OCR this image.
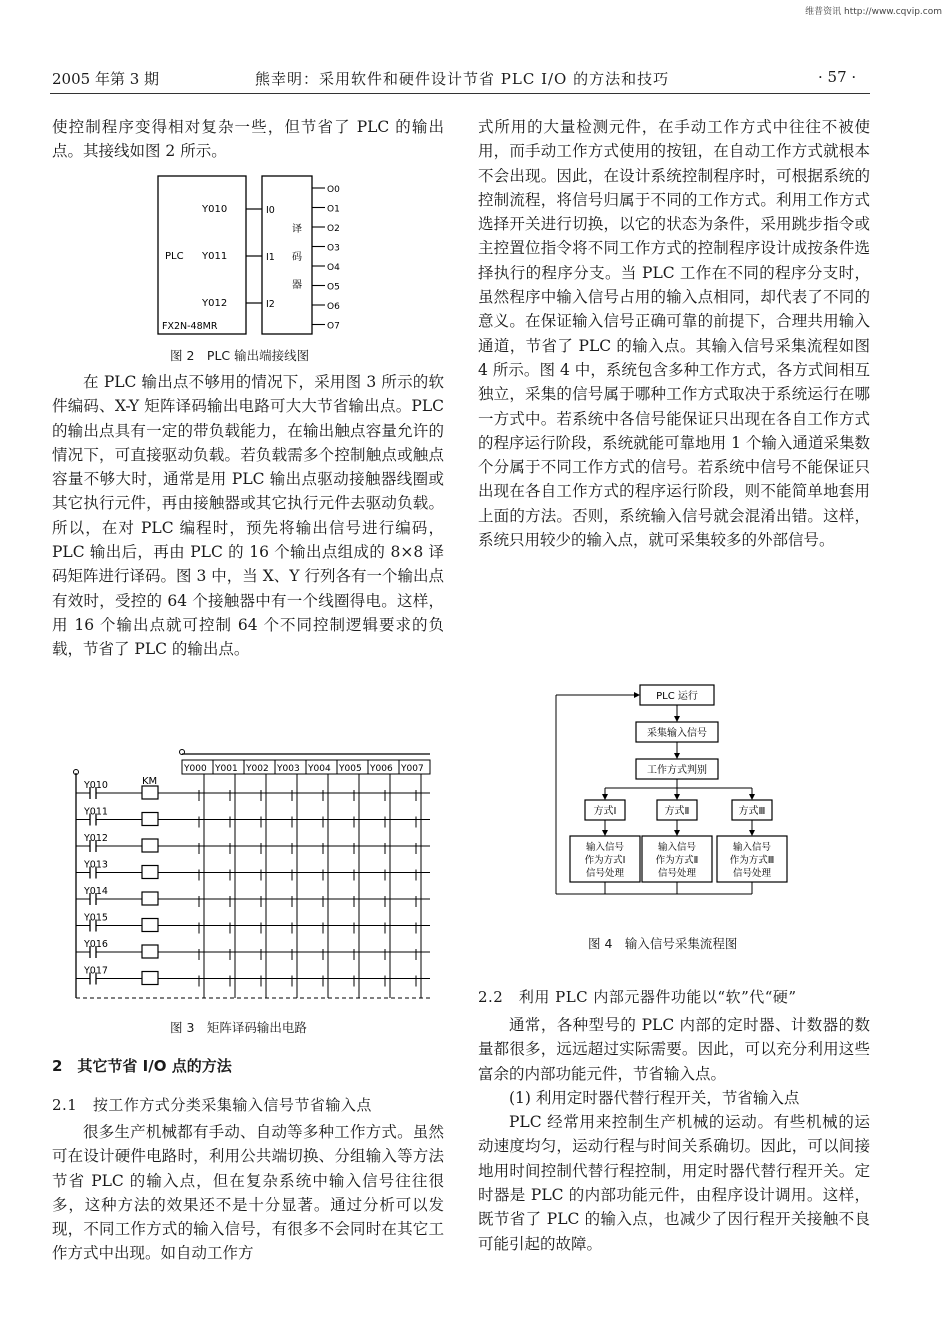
维普资讯 http://www.cqvip.com
2005 年第 3 期	熊幸明：采用软件和硬件设计节省 PLC I/O 的方法和技巧	· 57 ·

使控制程序变得相对复杂一些，但节省了 PLC 的输出点。其接线如图 2 所示。

PLC
FX2N-48MR
Y010
Y011
Y012
I0
I1
I2
译
码
器
O0
O1
O2
O3
O4
O5
O6
O7
图 2　PLC 输出端接线图

在 PLC 输出点不够用的情况下，采用图 3 所示的软件编码、X-Y 矩阵译码输出电路可大大节省输出点。PLC 的输出点具有一定的带负载能力，在输出触点容量允许的情况下，可直接驱动负载。若负载需多个控制触点或触点容量不够大时，通常是用 PLC 输出点驱动接触器线圈或其它执行元件，再由接触器或其它执行元件去驱动负载。所以，在对 PLC 编程时，预先将输出信号进行编码，PLC 输出后，再由 PLC 的 16 个输出点组成的 8×8 译码矩阵进行译码。图 3 中，当 X、Y 行列各有一个输出点有效时，受控的 64 个接触器中有一个线圈得电。这样，用 16 个输出点就可控制 64 个不同控制逻辑要求的负载，节省了 PLC 的输出点。

Y000 Y001 Y002 Y003 Y004 Y005 Y006 Y007
KM
Y010
Y011
Y012
Y013
Y014
Y015
Y016
Y017
图 3　矩阵译码输出电路
2　其它节省 I/O 点的方法
2.1　按工作方式分类采集输入信号节省输入点

很多生产机械都有手动、自动等多种工作方式。虽然可在设计硬件电路时，利用公共端切换、分组输入等方法节省 PLC 的输入点，但在复杂系统中输入信号往往很多，这种方法的效果还不是十分显著。通过分析可以发现，不同工作方式的输入信号，有很多不会同时在其它工作方式中出现。如自动工作方

式所用的大量检测元件，在手动工作方式中往往不被使用，而手动工作方式使用的按钮，在自动工作方式就根本不会出现。因此，在设计系统控制程序时，可根据系统的控制流程，将信号归属于不同的工作方式。利用工作方式选择开关进行切换，以它的状态为条件，采用跳步指令或主控置位指令将不同工作方式的控制程序设计成按条件选择执行的程序分支。当 PLC 工作在不同的程序分支时，虽然程序中输入信号占用的输入点相同，却代表了不同的意义。在保证输入信号正确可靠的前提下，合理共用输入通道，节省了 PLC 的输入点。其输入信号采集流程如图 4 所示。图 4 中，系统包含多种工作方式，各方式间相互独立，采集的信号属于哪种工作方式取决于系统运行在哪一方式中。若系统中各信号能保证只出现在各自工作方式的程序运行阶段，系统就能可靠地用 1 个输入通道采集数个分属于不同工作方式的信号。若系统中信号不能保证只出现在各自工作方式的程序运行阶段，则不能简单地套用上面的方法。否则，系统输入信号就会混淆出错。这样，系统只用较少的输入点，就可采集较多的外部信号。

PLC 运行
采集输入信号
工作方式判别
方式Ⅰ	方式Ⅱ	方式Ⅲ
输入信号
作为方式Ⅰ
信号处理
输入信号
作为方式Ⅱ
信号处理
输入信号
作为方式Ⅲ
信号处理
图 4　输入信号采集流程图
2.2　利用 PLC 内部元器件功能以“软”代“硬”

通常，各种型号的 PLC 内部的定时器、计数器的数量都很多，远远超过实际需要。因此，可以充分利用这些富余的内部功能元件，节省输入点。

(1) 利用定时器代替行程开关，节省输入点

PLC 经常用来控制生产机械的运动。有些机械的运动速度均匀，运动行程与时间关系确切。因此，可以间接地用时间控制代替行程控制，用定时器代替行程开关。定时器是 PLC 的内部功能元件，由程序设计调用。这样，既节省了 PLC 的输入点，也减少了因行程开关接触不良可能引起的故障。
